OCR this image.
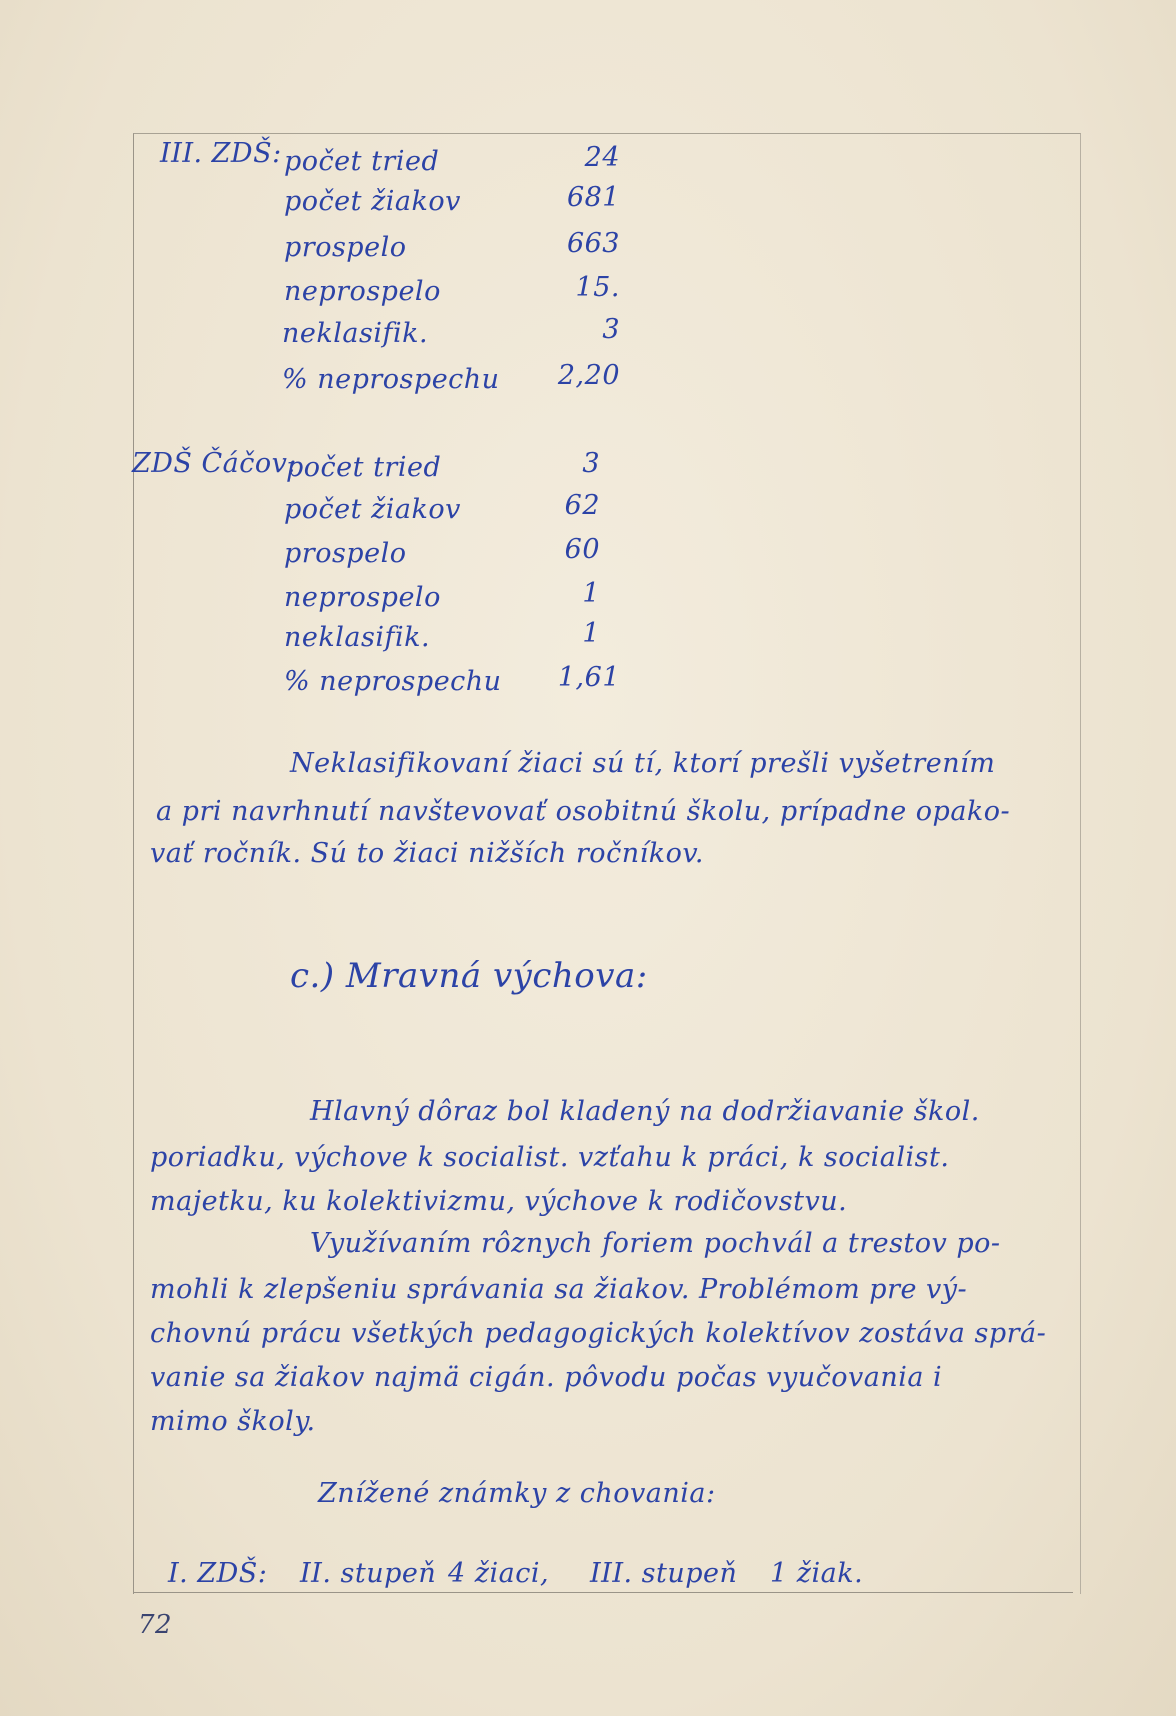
III. ZDŠ: počet tried	24
počet žiakov	681
prospelo	663
neprospelo	15.
neklasifik.	3
% neprospechu	2,20
ZDŠ Čáčov:
počet tried	3
počet žiakov	62
prospelo	60
neprospelo	1
neklasifik.	1
% neprospechu	1,61
Neklasifikovaní žiaci sú tí, ktorí prešli vyšetrením
a pri navrhnutí navštevovať osobitnú školu, prípadne opako-
vať ročník. Sú to žiaci nižších ročníkov.
c.) Mravná výchova:
Hlavný dôraz bol kladený na dodržiavanie škol.
poriadku, výchove k socialist. vzťahu k práci, k socialist.
majetku, ku kolektivizmu, výchove k rodičovstvu.
Využívaním rôznych foriem pochvál a trestov po-
mohli k zlepšeniu správania sa žiakov. Problémom pre vý-
chovnú prácu všetkých pedagogických kolektívov zostáva sprá-
vanie sa žiakov najmä cigán. pôvodu počas vyučovania i
mimo školy.
Znížené známky z chovania:
I. ZDŠ: II. stupeň 4 žiaci, III. stupeň 1 žiak.
72
